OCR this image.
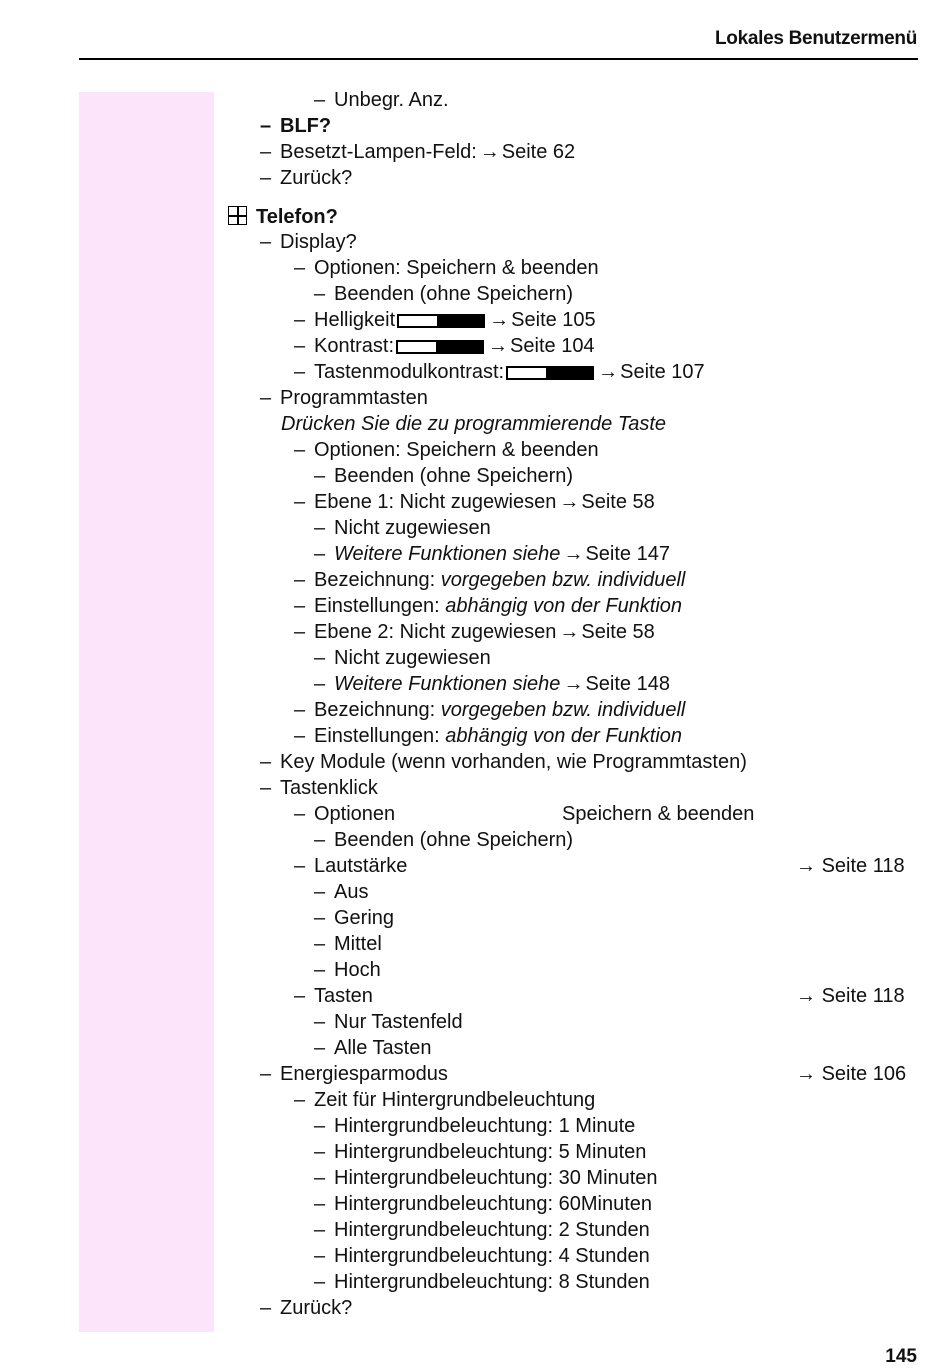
Lokales Benutzermenü
– Unbegr. Anz.
– BLF?
– Besetzt-Lampen-Feld: → Seite 62
– Zurück?
Telefon?
– Display?
– Optionen: Speichern & beenden
– Beenden (ohne Speichern)
– Helligkeit	→ Seite 105
– Kontrast:	→ Seite 104
– Tastenmodulkontrast:	→ Seite 107
– Programmtasten
Drücken Sie die zu programmierende Taste
– Optionen: Speichern & beenden
– Beenden (ohne Speichern)
– Ebene 1: Nicht zugewiesen → Seite 58
– Nicht zugewiesen
– Weitere Funktionen siehe → Seite 147
– Bezeichnung: vorgegeben bzw. individuell
– Einstellungen: abhängig von der Funktion
– Ebene 2: Nicht zugewiesen → Seite 58
– Nicht zugewiesen
– Weitere Funktionen siehe → Seite 148
– Bezeichnung: vorgegeben bzw. individuell
– Einstellungen: abhängig von der Funktion
– Key Module (wenn vorhanden, wie Programmtasten)
– Tastenklick
– Optionen	Speichern & beenden
– Beenden (ohne Speichern)
– Lautstärke	→ Seite 118
– Aus
– Gering
– Mittel
– Hoch
– Tasten	→ Seite 118
– Nur Tastenfeld
– Alle Tasten
– Energiesparmodus	→ Seite 106
– Zeit für Hintergrundbeleuchtung
– Hintergrundbeleuchtung: 1 Minute
– Hintergrundbeleuchtung: 5 Minuten
– Hintergrundbeleuchtung: 30 Minuten
– Hintergrundbeleuchtung: 60Minuten
– Hintergrundbeleuchtung: 2 Stunden
– Hintergrundbeleuchtung: 4 Stunden
– Hintergrundbeleuchtung: 8 Stunden
– Zurück?
145
